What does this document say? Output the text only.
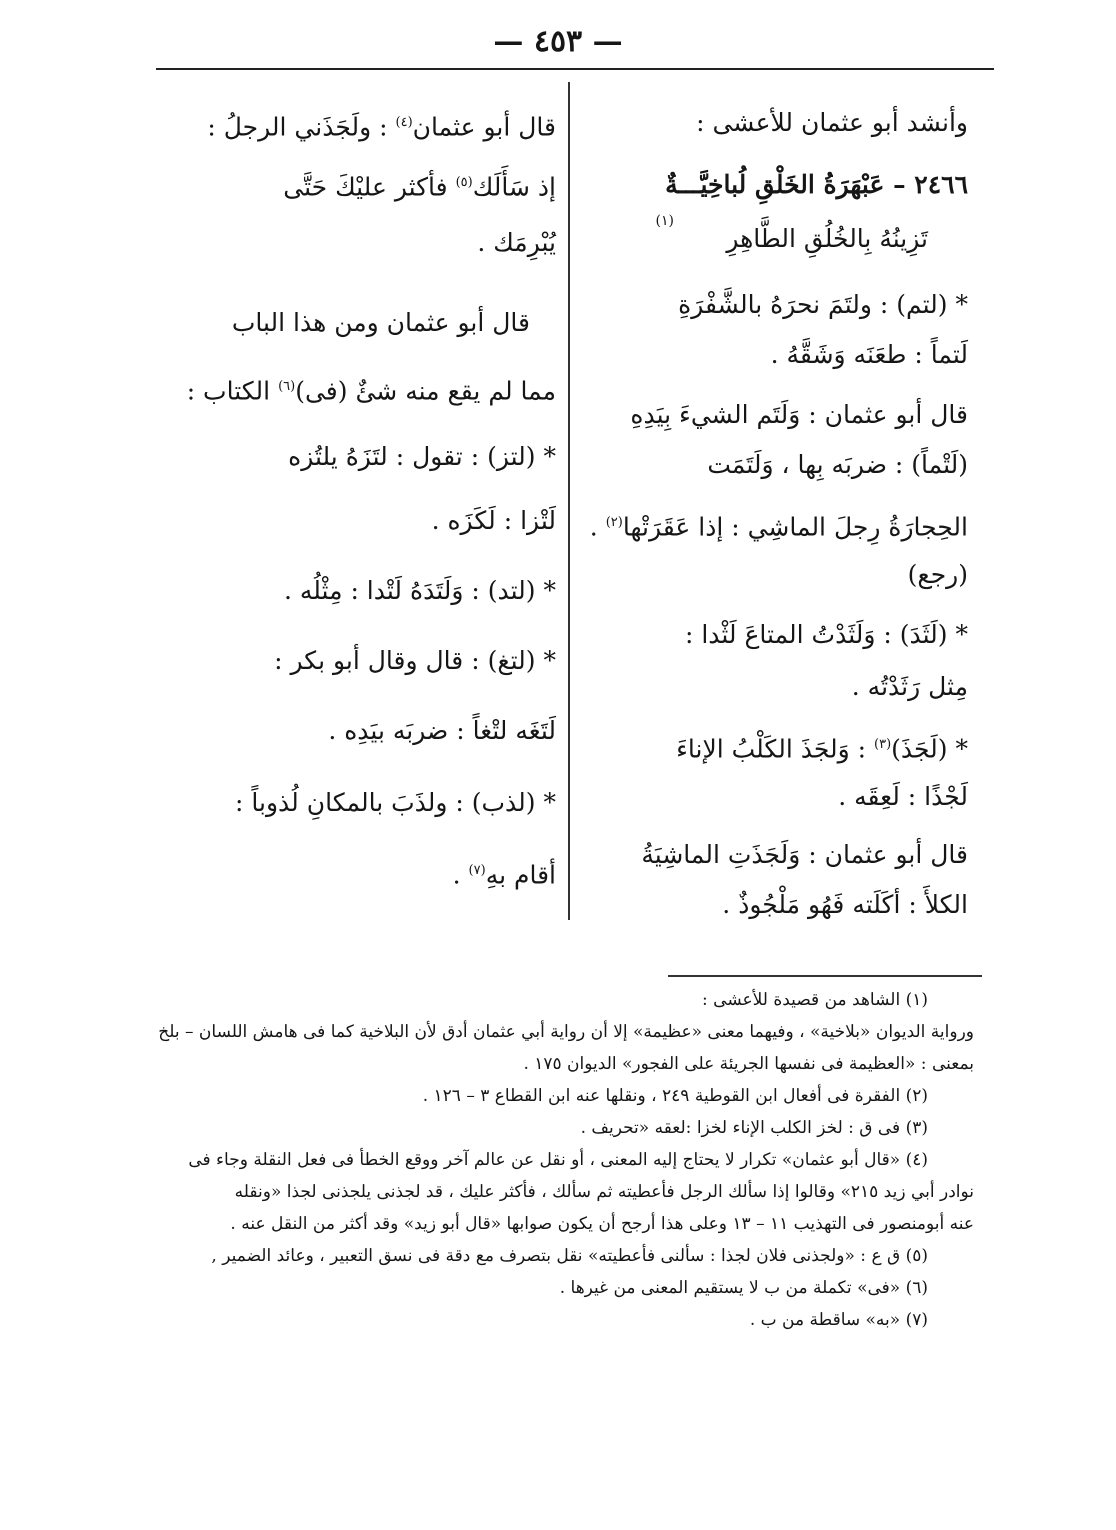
— ٤٥٣ —
وأنشد أبو عثمان للأعشى :
٢٤٦٦ – عَبْهَرَةُ الخَلْقِ لُباخِيَّـــةٌ
تَزِينُهُ بِالخُلُقِ الطَّاهِرِ
(١)
* (لتم) : ولتَمَ نحرَهُ بالشَّفْرَةِ
لَتماً : طعَنَه وَشَقَّهُ .
قال أبو عثمان : وَلَتَم الشيءَ بِيَدِهِ
(لَتْماً) : ضربَه بِها ، وَلَتَمَت
الحِجارَةُ رِجلَ الماشِي : إذا عَقَرَتْها$^{(٢)}$ .
(رجع)
* (لَثَدَ) : وَلَثَدْتُ المتاعَ لَثْدا :
مِثل رَثَدْتُه .
* (لَجَذَ)$^{(٣)}$ : وَلجَذَ الكَلْبُ الإناءَ
لَجْذًا : لَعِقَه .
قال أبو عثمان : وَلَجَذَتِ الماشِيَةُ
الكلأَ : أكَلَته فَهُو مَلْجُوذٌ .
قال أبو عثمان$^{(٤)}$ : ولَجَذَني الرجلُ :
إذ سَأَلَك$^{(٥)}$ فأكثر عليْكَ حَتَّى
يُبْرِمَك .
قال أبو عثمان ومن هذا الباب
مما لم يقع منه شئٌ (فى)$^{(٦)}$ الكتاب :
* (لتز) : تقول : لتَزَهُ يلتُزه
لَتْزا : لَكَزَه .
* (لتد) : وَلَتَدَهُ لَتْدا : مِثْلُه .
* (لتغ) : قال وقال أبو بكر :
لَتَغَه لتْغاً : ضربَه بيَدِه .
* (لذب) : ولذَبَ بالمكانِ لُذوباً :
أقام بهِ$^{(٧)}$ .
(١) الشاهد من قصيدة للأعشى :
ورواية الديوان «بلاخية» ، وفيهما معنى «عظيمة» إلا أن رواية أبي عثمان أدق لأن البلاخية كما فى هامش اللسان – بلخ
بمعنى : «العظيمة فى نفسها الجريئة على الفجور» الديوان ١٧٥ .
(٢) الفقرة فى أفعال ابن القوطية ٢٤٩ ، ونقلها عنه ابن القطاع ٣ – ١٢٦ .
(٣) فى ق : لخز الكلب الإناء لخزا :لعقه «تحريف .
(٤) «قال أبو عثمان» تكرار لا يحتاج إليه المعنى ، أو نقل عن عالم آخر ووقع الخطأ فى فعل النقلة وجاء فى
نوادر أبي زيد ٢١٥» وقالوا إذا سألك الرجل فأعطيته ثم سألك ، فأكثر عليك ، قد لجذنى يلجذنى لجذا «ونقله
عنه أبومنصور فى التهذيب ١١ – ١٣ وعلى هذا أرجح أن يكون صوابها «قال أبو زيد» وقد أكثر من النقل عنه .
(٥) ق ع : «ولجذنى فلان لجذا : سألنى فأعطيته» نقل بتصرف مع دقة فى نسق التعبير ، وعائد الضمير ,
(٦) «فى» تكملة من ب لا يستقيم المعنى من غيرها .
(٧) «به» ساقطة من ب .
